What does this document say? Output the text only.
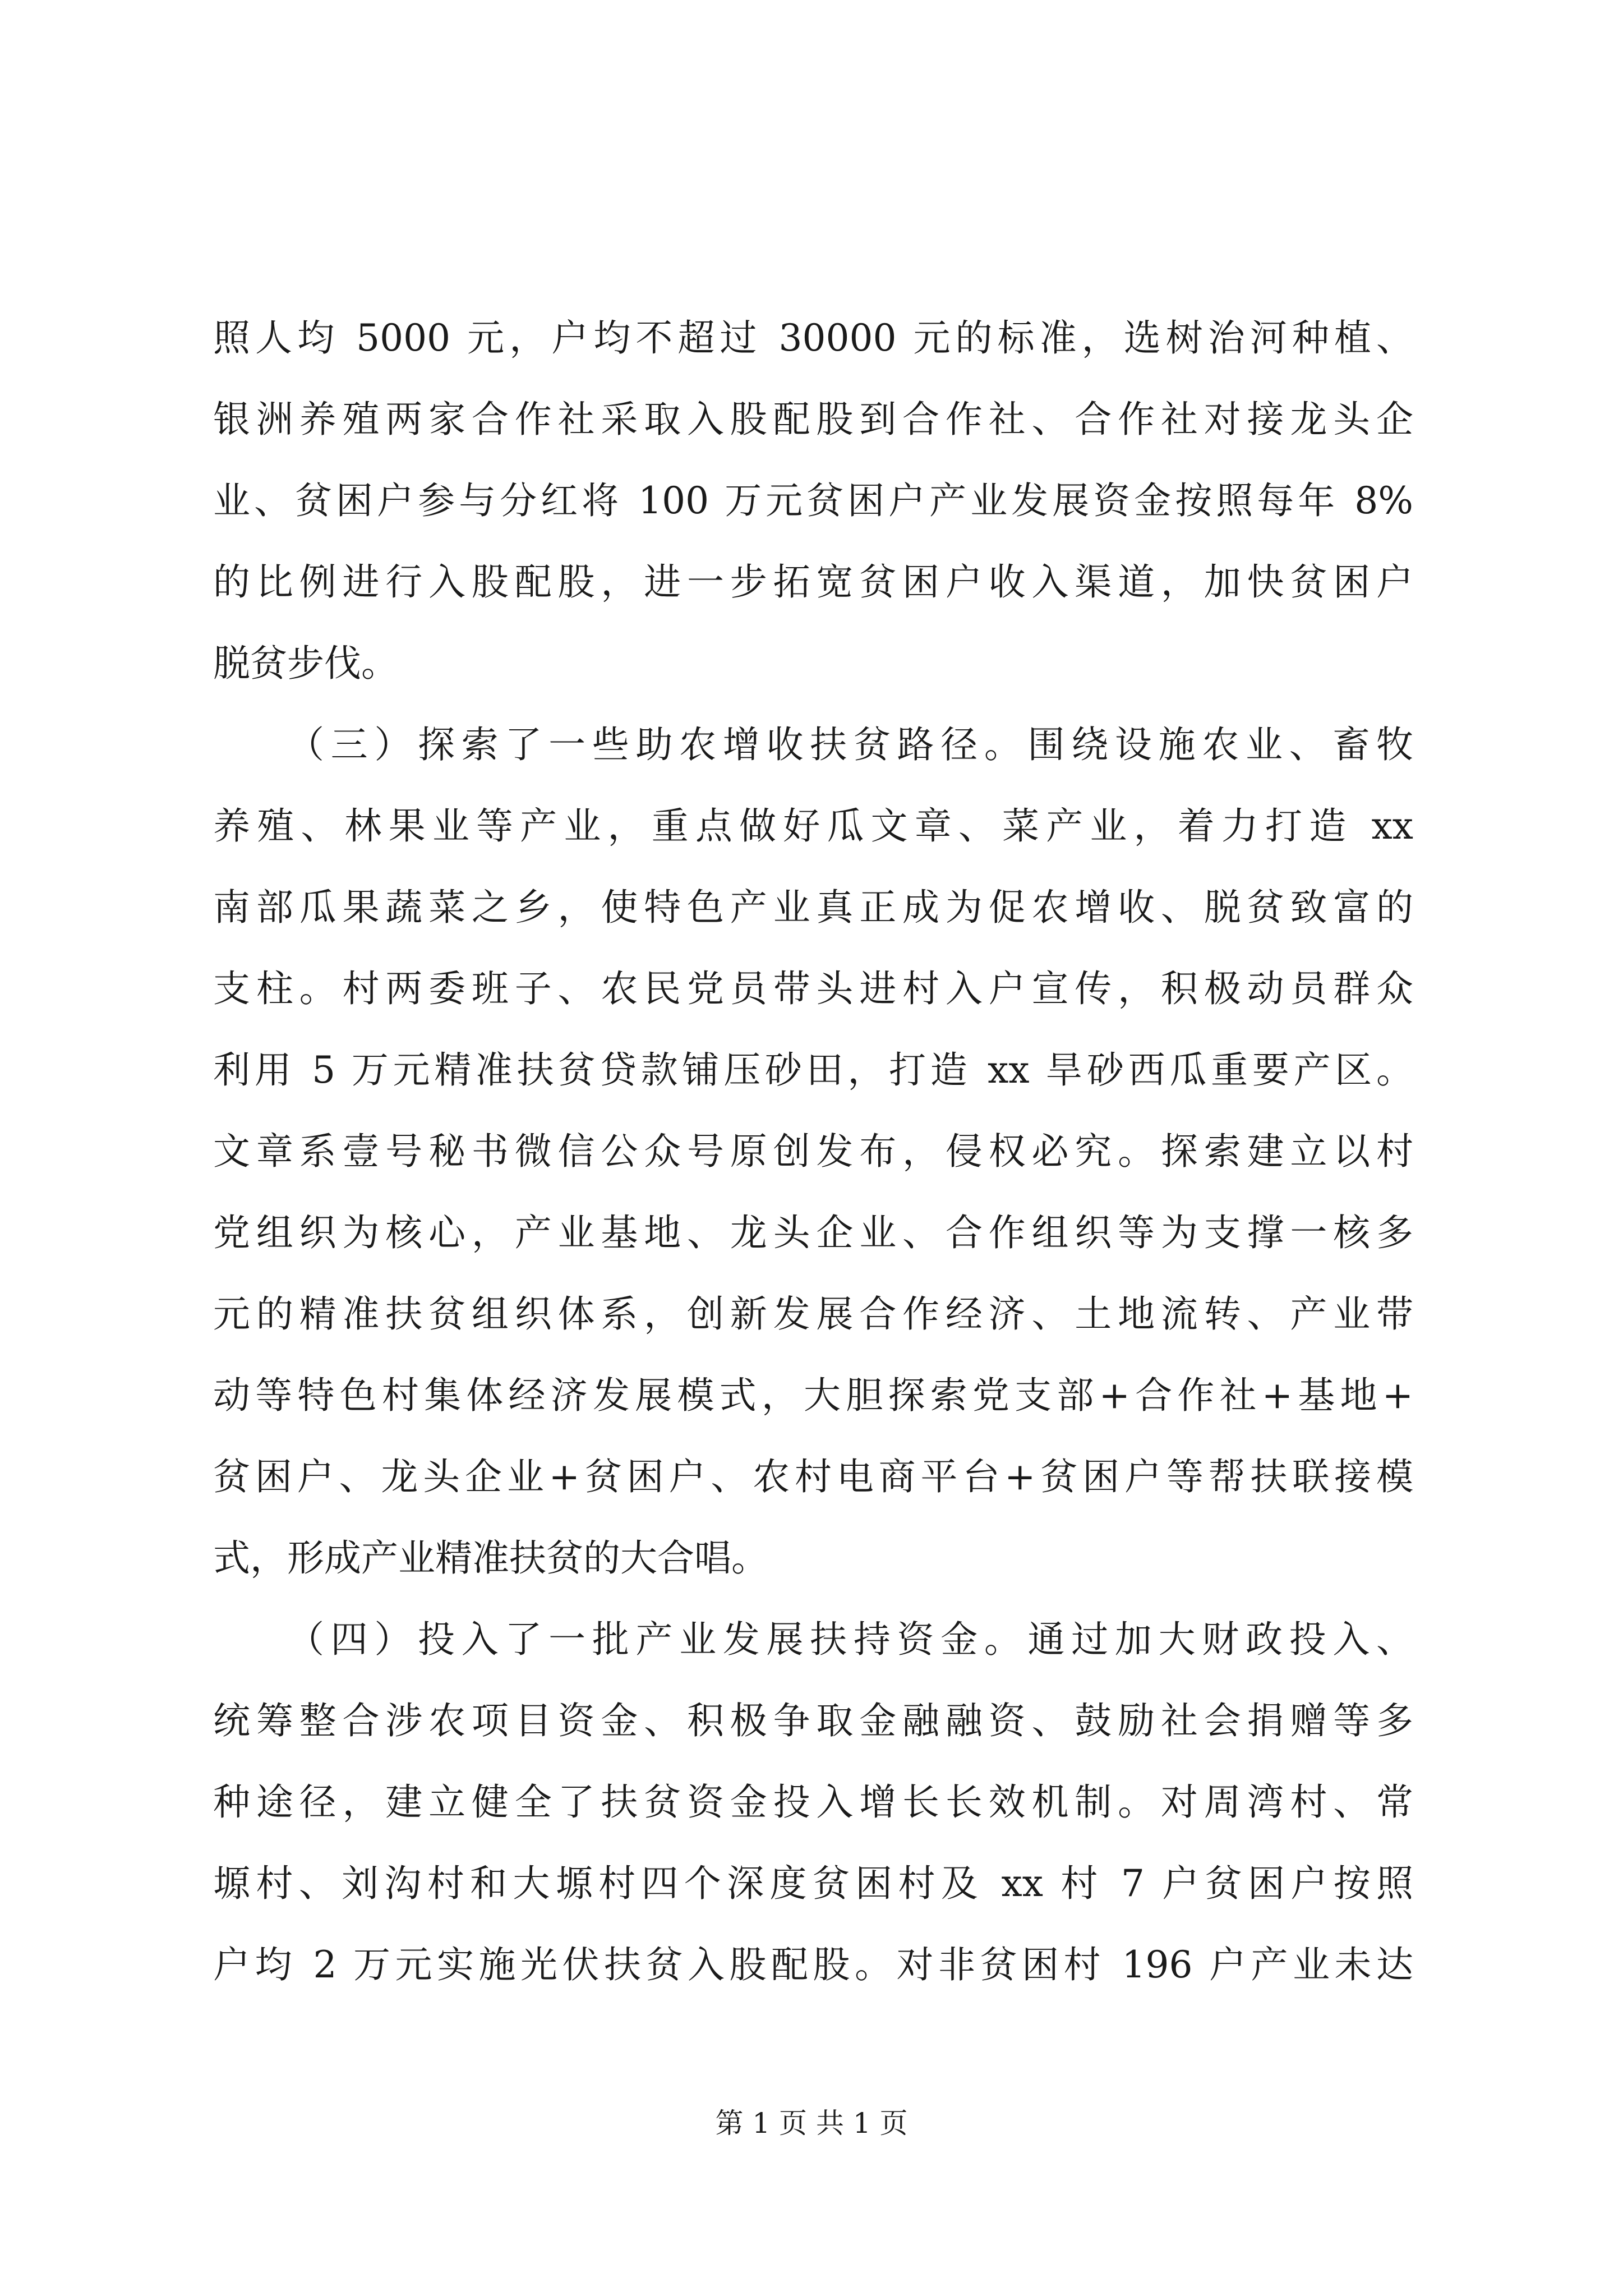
照人均 5000 元，户均不超过 30000 元的标准，选树治河种植、
银洲养殖两家合作社采取入股配股到合作社、合作社对接龙头企
业、贫困户参与分红将 100 万元贫困户产业发展资金按照每年 8%
的比例进行入股配股，进一步拓宽贫困户收入渠道，加快贫困户
脱贫步伐。
（三）探索了一些助农增收扶贫路径。围绕设施农业、畜牧
养殖、林果业等产业，重点做好瓜文章、菜产业，着力打造 xx
南部瓜果蔬菜之乡，使特色产业真正成为促农增收、脱贫致富的
支柱。村两委班子、农民党员带头进村入户宣传，积极动员群众
利用 5 万元精准扶贫贷款铺压砂田，打造 xx 旱砂西瓜重要产区。
文章系壹号秘书微信公众号原创发布，侵权必究。探索建立以村
党组织为核心，产业基地、龙头企业、合作组织等为支撑一核多
元的精准扶贫组织体系，创新发展合作经济、土地流转、产业带
动等特色村集体经济发展模式，大胆探索党支部+合作社+基地+
贫困户、龙头企业+贫困户、农村电商平台+贫困户等帮扶联接模
式，形成产业精准扶贫的大合唱。
（四）投入了一批产业发展扶持资金。通过加大财政投入、
统筹整合涉农项目资金、积极争取金融融资、鼓励社会捐赠等多
种途径，建立健全了扶贫资金投入增长长效机制。对周湾村、常
塬村、刘沟村和大塬村四个深度贫困村及 xx 村 7 户贫困户按照
户均 2 万元实施光伏扶贫入股配股。对非贫困村 196 户产业未达
第 1 页 共 1 页
